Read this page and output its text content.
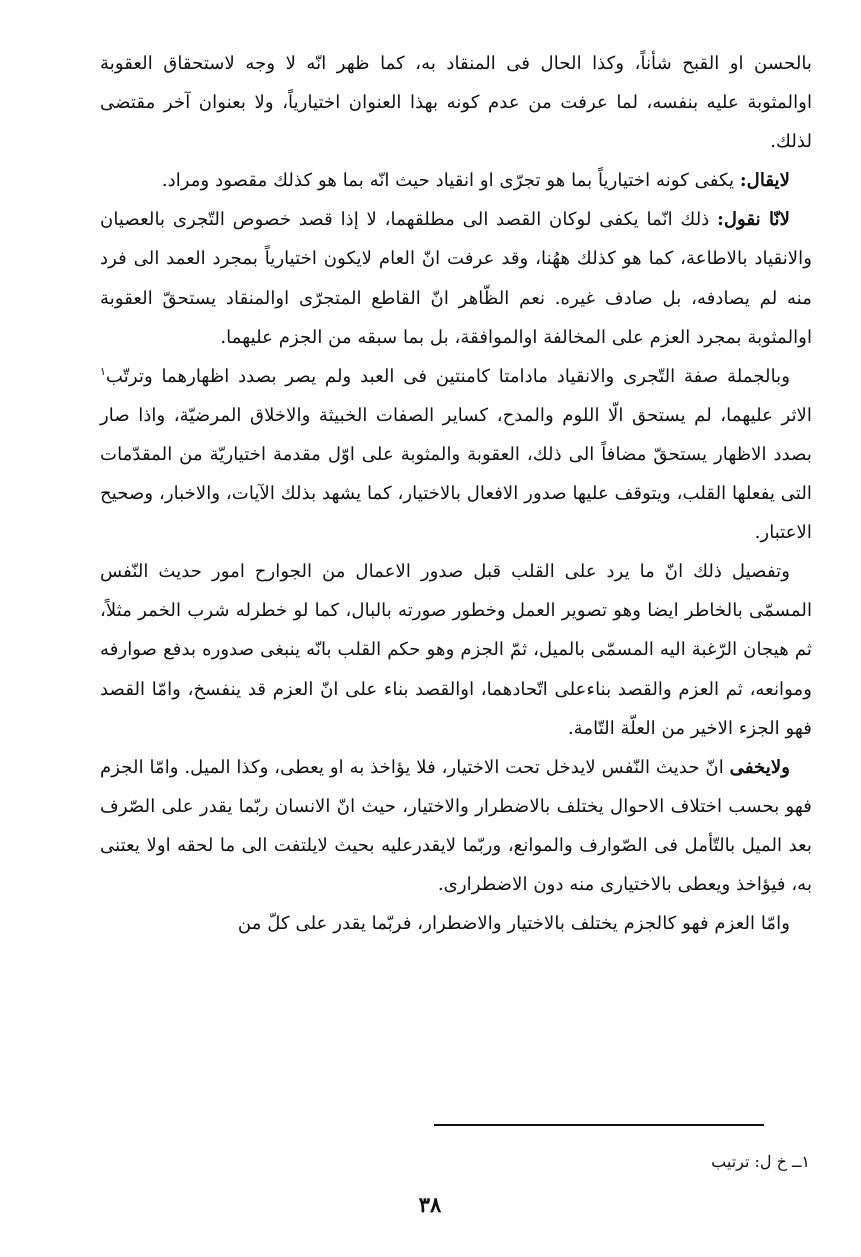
بالحسن او القبح شأناً، وكذا الحال فى المنقاد به، كما ظهر انّه لا وجه لاستحقاق العقوبة اوالمثوبة عليه بنفسه، لما عرفت من عدم كونه بهذا العنوان اختيارياً، ولا بعنوان آخر مقتضى لذلك.

لايقال: يكفى كونه اختيارياً بما هو تجرّى او انقياد حيث انّه بما هو كذلك مقصود ومراد.

لانّا نقول: ذلك انّما يكفى لوكان القصد الى مطلقهما، لا إذا قصد خصوص التّجرى بالعصيان والانقياد بالاطاعة، كما هو كذلك ههُنا، وقد عرفت انّ العام لايكون اختيارياً بمجرد العمد الى فرد منه لم يصادفه، بل صادف غيره. نعم الظّاهر انّ القاطع المتجرّى اوالمنقاد يستحقّ العقوبة اوالمثوبة بمجرد العزم على المخالفة اوالموافقة، بل بما سبقه من الجزم عليهما.

وبالجملة صفة التّجرى والانقياد مادامتا كامنتين فى العبد ولم يصر بصدد اظهارهما وترتّب$^١$ الاثر عليهما، لم يستحق الّا اللوم والمدح، كساير الصفات الخبيثة والاخلاق المرضيّة، واذا صار بصدد الاظهار يستحقّ مضافاً الى ذلك، العقوبة والمثوبة على اوّل مقدمة اختياريّة من المقدّمات التى يفعلها القلب، ويتوقف عليها صدور الافعال بالاختيار، كما يشهد بذلك الآيات، والاخبار، وصحيح الاعتبار.

وتفصيل ذلك انّ ما يرد على القلب قبل صدور الاعمال من الجوارح امور حديث النّفس المسمّى بالخاطر ايضا وهو تصوير العمل وخطور صورته بالبال، كما لو خطرله شرب الخمر مثلاً، ثم هيجان الرّغبة اليه المسمّى بالميل، ثمّ الجزم وهو حكم القلب بانّه ينبغى صدوره بدفع صوارفه وموانعه، ثم العزم والقصد بناءعلى اتّحادهما، اوالقصد بناء على انّ العزم قد ينفسخ، وامّا القصد فهو الجزء الاخير من العلّة التّامة.

ولايخفى انّ حديث النّفس لايدخل تحت الاختيار، فلا يؤاخذ به او يعطى، وكذا الميل. وامّا الجزم فهو بحسب اختلاف الاحوال يختلف بالاضطرار والاختيار، حيث انّ الانسان ربّما يقدر على الصّرف بعد الميل بالتّأمل فى الصّوارف والموانع، وربّما لايقدرعليه بحيث لايلتفت الى ما لحقه اولا يعتنى به، فيؤاخذ ويعطى بالاختيارى منه دون الاضطرارى.

وامّا العزم فهو كالجزم يختلف بالاختيار والاضطرار، فربّما يقدر على كلّ من

١ــ خ ل: ترتيب
٣٨
